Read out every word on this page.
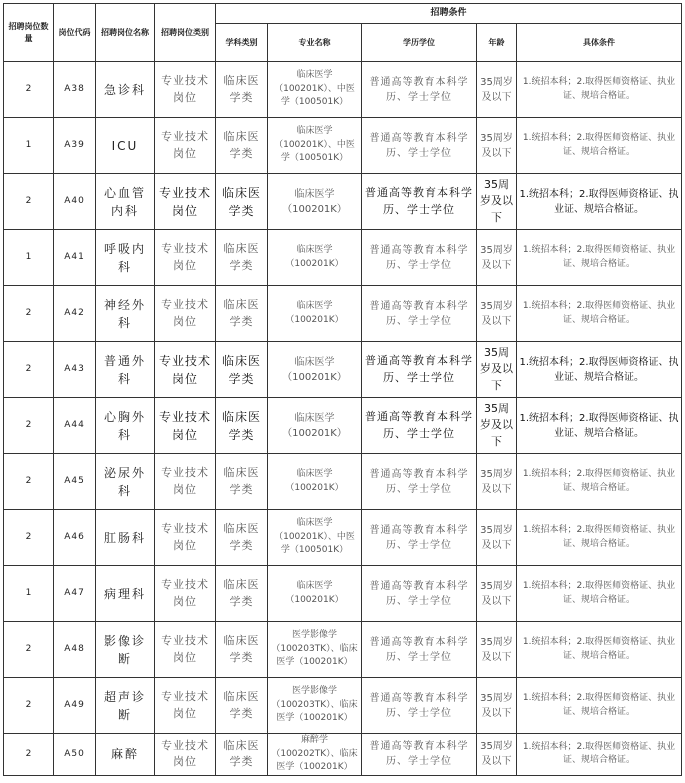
招聘岗位数量	岗位代码	招聘岗位名称	招聘岗位类别	招聘条件				
				学科类别	专业名称	学历学位	年龄	具体条件
2	A38	急诊科	专业技术岗位	临床医学类	临床医学（100201K）、中医学（100501K）	普通高等教育本科学历、学士学位	35周岁及以下	1.统招本科；2.取得医师资格证、执业证、规培合格证。
1	A39	ICU	专业技术岗位	临床医学类	临床医学（100201K）、中医学（100501K）	普通高等教育本科学历、学士学位	35周岁及以下	1.统招本科；2.取得医师资格证、执业证、规培合格证。
2	A40	心血管内科	专业技术岗位	临床医学类	临床医学（100201K）	普通高等教育本科学历、学士学位	35周岁及以下	1.统招本科；2.取得医师资格证、执业证、规培合格证。
1	A41	呼吸内科	专业技术岗位	临床医学类	临床医学（100201K）	普通高等教育本科学历、学士学位	35周岁及以下	1.统招本科；2.取得医师资格证、执业证、规培合格证。
2	A42	神经外科	专业技术岗位	临床医学类	临床医学（100201K）	普通高等教育本科学历、学士学位	35周岁及以下	1.统招本科；2.取得医师资格证、执业证、规培合格证。
2	A43	普通外科	专业技术岗位	临床医学类	临床医学（100201K）	普通高等教育本科学历、学士学位	35周岁及以下	1.统招本科；2.取得医师资格证、执业证、规培合格证。
2	A44	心胸外科	专业技术岗位	临床医学类	临床医学（100201K）	普通高等教育本科学历、学士学位	35周岁及以下	1.统招本科；2.取得医师资格证、执业证、规培合格证。
2	A45	泌尿外科	专业技术岗位	临床医学类	临床医学（100201K）	普通高等教育本科学历、学士学位	35周岁及以下	1.统招本科；2.取得医师资格证、执业证、规培合格证。
2	A46	肛肠科	专业技术岗位	临床医学类	临床医学（100201K）、中医学（100501K）	普通高等教育本科学历、学士学位	35周岁及以下	1.统招本科；2.取得医师资格证、执业证、规培合格证。
1	A47	病理科	专业技术岗位	临床医学类	临床医学（100201K）	普通高等教育本科学历、学士学位	35周岁及以下	1.统招本科；2.取得医师资格证、执业证、规培合格证。
2	A48	影像诊断	专业技术岗位	临床医学类	医学影像学（100203TK）、临床医学（100201K）	普通高等教育本科学历、学士学位	35周岁及以下	1.统招本科；2.取得医师资格证、执业证、规培合格证。
2	A49	超声诊断	专业技术岗位	临床医学类	医学影像学（100203TK）、临床医学（100201K）	普通高等教育本科学历、学士学位	35周岁及以下	1.统招本科；2.取得医师资格证、执业证、规培合格证。
2	A50	麻醉	专业技术岗位	临床医学类	麻醉学（100202TK）、临床医学（100201K）	普通高等教育本科学历、学士学位	35周岁及以下	1.统招本科；2.取得医师资格证、执业证、规培合格证。
